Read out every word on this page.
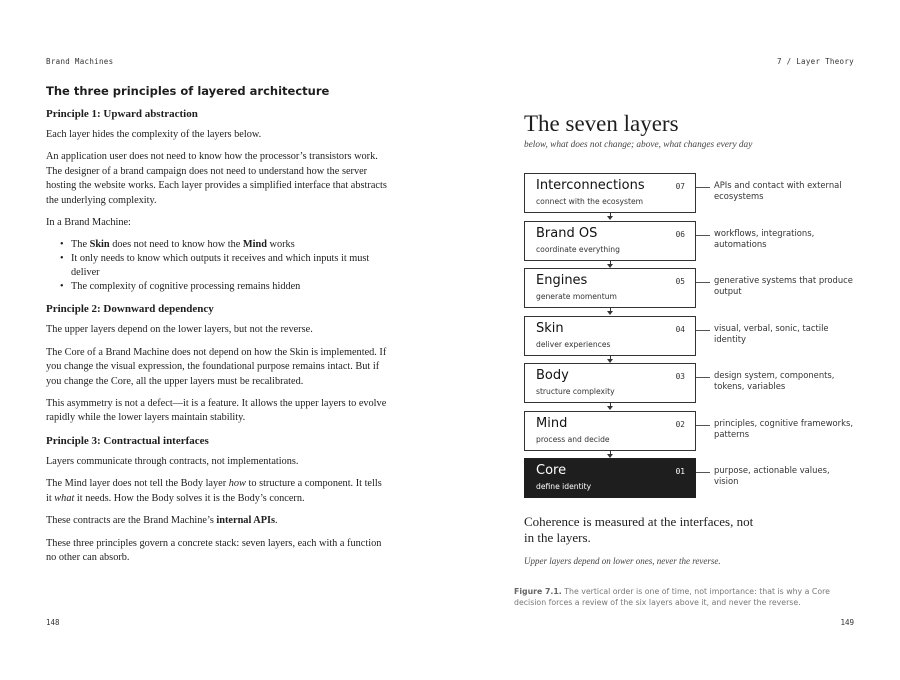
Brand Machines	7 / Layer Theory
The three principles of layered architecture
Principle 1: Upward abstraction

Each layer hides the complexity of the layers below.

An application user does not need to know how the processor’s transistors work. The designer of a brand campaign does not need to understand how the server hosting the website works. Each layer provides a simplified interface that abstracts the underlying complexity.

In a Brand Machine:

• The Skin does not need to know how the Mind works
• It only needs to know which outputs it receives and which inputs it must deliver
• The complexity of cognitive processing remains hidden
Principle 2: Downward dependency

The upper layers depend on the lower layers, but not the reverse.

The Core of a Brand Machine does not depend on how the Skin is implemented. If you change the visual expression, the foundational purpose remains intact. But if you change the Core, all the upper layers must be recalibrated.

This asymmetry is not a defect—it is a feature. It allows the upper layers to evolve rapidly while the lower layers maintain stability.

Principle 3: Contractual interfaces

Layers communicate through contracts, not implementations.

The Mind layer does not tell the Body layer how to structure a component. It tells it what it needs. How the Body solves it is the Body’s concern.

These contracts are the Brand Machine’s internal APIs.

These three principles govern a concrete stack: seven layers, each with a function no other can absorb.

148
The seven layers
below, what does not change; above, what changes every day
Interconnections
connect with the ecosystem
07	APIs and contact with external ecosystems
Brand OS
coordinate everything
06	workflows, integrations, automations
Engines
generate momentum
05	generative systems that produce output
Skin
deliver experiences
04	visual, verbal, sonic, tactile identity
Body
structure complexity
03	design system, components, tokens, variables
Mind
process and decide
02	principles, cognitive frameworks, patterns
Core
define identity
01	purpose, actionable values, vision
Coherence is measured at the interfaces, not in the layers.
Upper layers depend on lower ones, never the reverse.
Figure 7.1. The vertical order is one of time, not importance: that is why a Core decision forces a review of the six layers above it, and never the reverse.
149
